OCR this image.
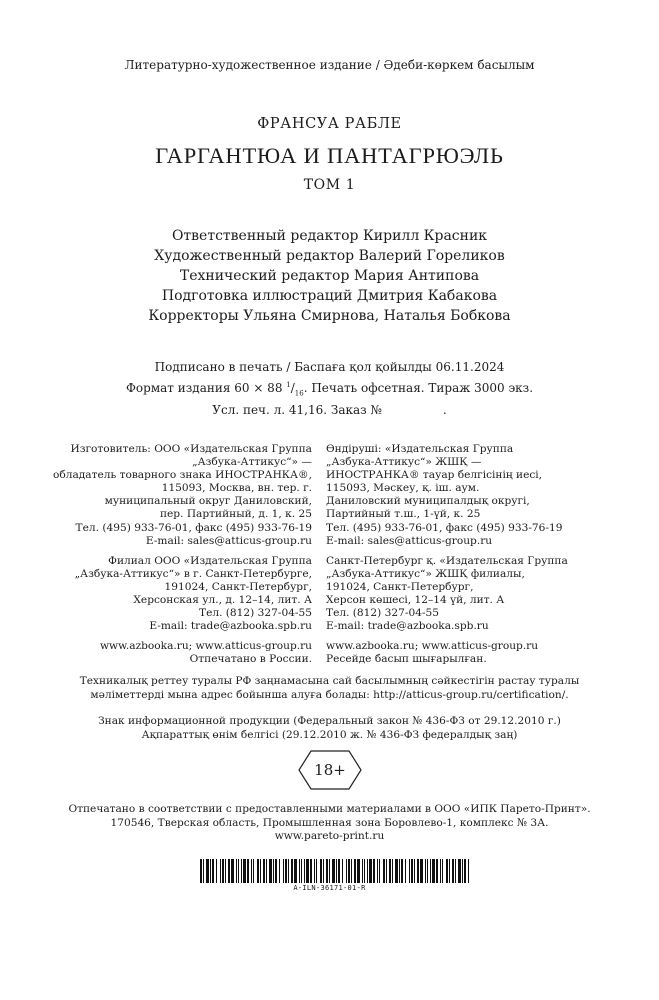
Литературно-художественное издание / Әдеби-көркем басылым
ФРАНСУА РАБЛЕ
ГАРГАНТЮА И ПАНТАГРЮЭЛЬ
ТОМ 1
Ответственный редактор Кирилл Красник
Художественный редактор Валерий Гореликов
Технический редактор Мария Антипова
Подготовка иллюстраций Дмитрия Кабакова
Корректоры Ульяна Смирнова, Наталья Бобкова
Подписано в печать / Баспаға қол қойылды 06.11.2024
Формат издания 60 × 88 $^1/_{16}$. Печать офсетная. Тираж 3000 экз.
Усл. печ. л. 41,16. Заказ №                .
Изготовитель: ООО «Издательская Группа
„Азбука-Аттикус“» —
обладатель товарного знака ИНОСТРАНКА®,
115093, Москва, вн. тер. г.
муниципальный округ Даниловский,
пер. Партийный, д. 1, к. 25
Тел. (495) 933-76-01, факс (495) 933-76-19
E-mail: sales@atticus-group.ru
Филиал ООО «Издательская Группа
„Азбука-Аттикус“» в г. Санкт-Петербурге,
191024, Санкт-Петербург,
Херсонская ул., д. 12–14, лит. А
Тел. (812) 327-04-55
E-mail: trade@azbooka.spb.ru
www.azbooka.ru; www.atticus-group.ru
Отпечатано в России.
Өндіруші: «Издательская Группа
„Азбука-Аттикус“» ЖШҚ —
ИНОСТРАНКА® тауар белгісінің иесі,
115093, Мәскеу, қ. іш. аум.
Даниловский муниципалдық округі,
Партийный т.ш., 1-үй, к. 25
Тел. (495) 933-76-01, факс (495) 933-76-19
E-mail: sales@atticus-group.ru
Санкт-Петербург қ. «Издательская Группа
„Азбука-Аттикус“» ЖШҚ филиалы,
191024, Санкт-Петербург,
Херсон көшесі, 12–14 үй, лит. А
Тел. (812) 327-04-55
E-mail: trade@azbooka.spb.ru
www.azbooka.ru; www.atticus-group.ru
Ресейде басып шығарылған.
Техникалық реттеу туралы РФ заңнамасына сай басылымның сәйкестігін растау туралы
мәліметтерді мына адрес бойынша алуға болады: http://atticus-group.ru/certification/.
Знак информационной продукции (Федеральный закон № 436-ФЗ от 29.12.2010 г.)
Ақпараттық өнім белгісі (29.12.2010 ж. № 436-ФЗ федералдық заң)
18+
Отпечатано в соответствии с предоставленными материалами в ООО «ИПК Парето-Принт».
170546, Тверская область, Промышленная зона Боровлево-1, комплекс № 3А.
www.pareto-print.ru
A-ILN-36171-01-R
